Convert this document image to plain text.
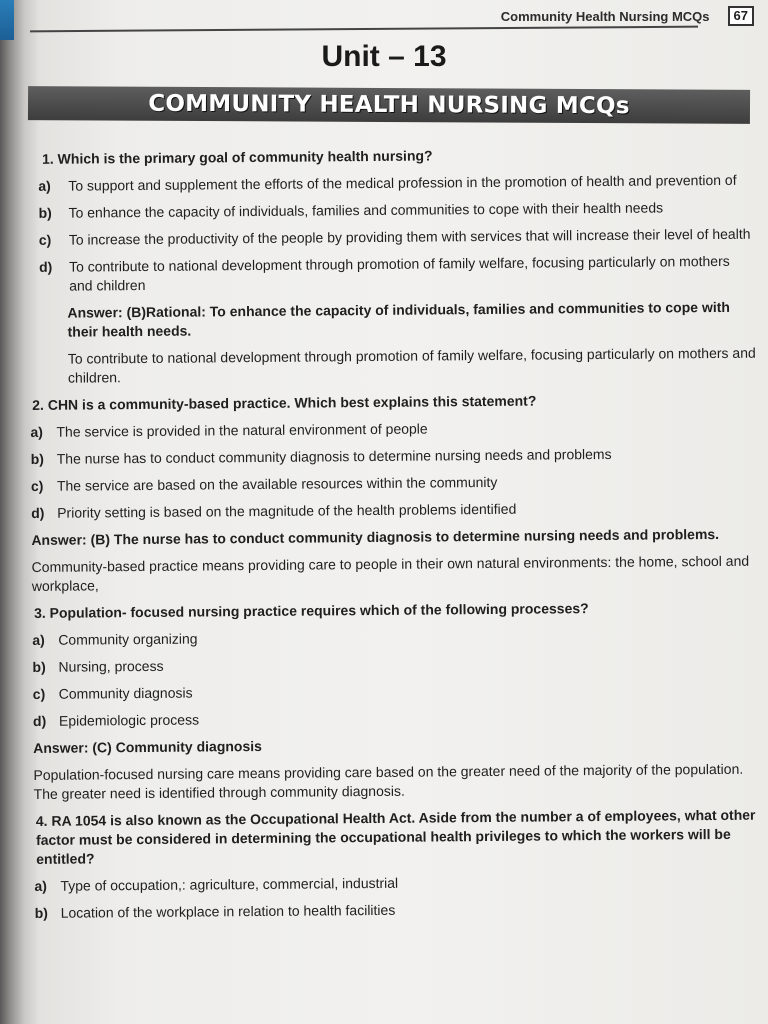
Community Health Nursing MCQs	67
Unit – 13
COMMUNITY HEALTH NURSING MCQs
1. Which is the primary goal of community health nursing?
a)	To support and supplement the efforts of the medical profession in the promotion of health and prevention of
b)	To enhance the capacity of individuals, families and communities to cope with their health needs
c)	To increase the productivity of the people by providing them with services that will increase their level of health
d)	To contribute to national development through promotion of family welfare, focusing particularly on mothers and children
Answer: (B)Rational: To enhance the capacity of individuals, families and communities to cope with their health needs.
To contribute to national development through promotion of family welfare, focusing particularly on mothers and children.
2. CHN is a community-based practice. Which best explains this statement?
a) The service is provided in the natural environment of people
b) The nurse has to conduct community diagnosis to determine nursing needs and problems
c) The service are based on the available resources within the community
d) Priority setting is based on the magnitude of the health problems identified
Answer: (B) The nurse has to conduct community diagnosis to determine nursing needs and problems.
Community-based practice means providing care to people in their own natural environments: the home, school and workplace,
3. Population- focused nursing practice requires which of the following processes?
a) Community organizing
b) Nursing, process
c) Community diagnosis
d) Epidemiologic process
Answer: (C) Community diagnosis
Population-focused nursing care means providing care based on the greater need of the majority of the population. The greater need is identified through community diagnosis.
4. RA 1054 is also known as the Occupational Health Act. Aside from the number a of employees, what other factor must be considered in determining the occupational health privileges to which the workers will be entitled?
a) Type of occupation,: agriculture, commercial, industrial
b) Location of the workplace in relation to health facilities
